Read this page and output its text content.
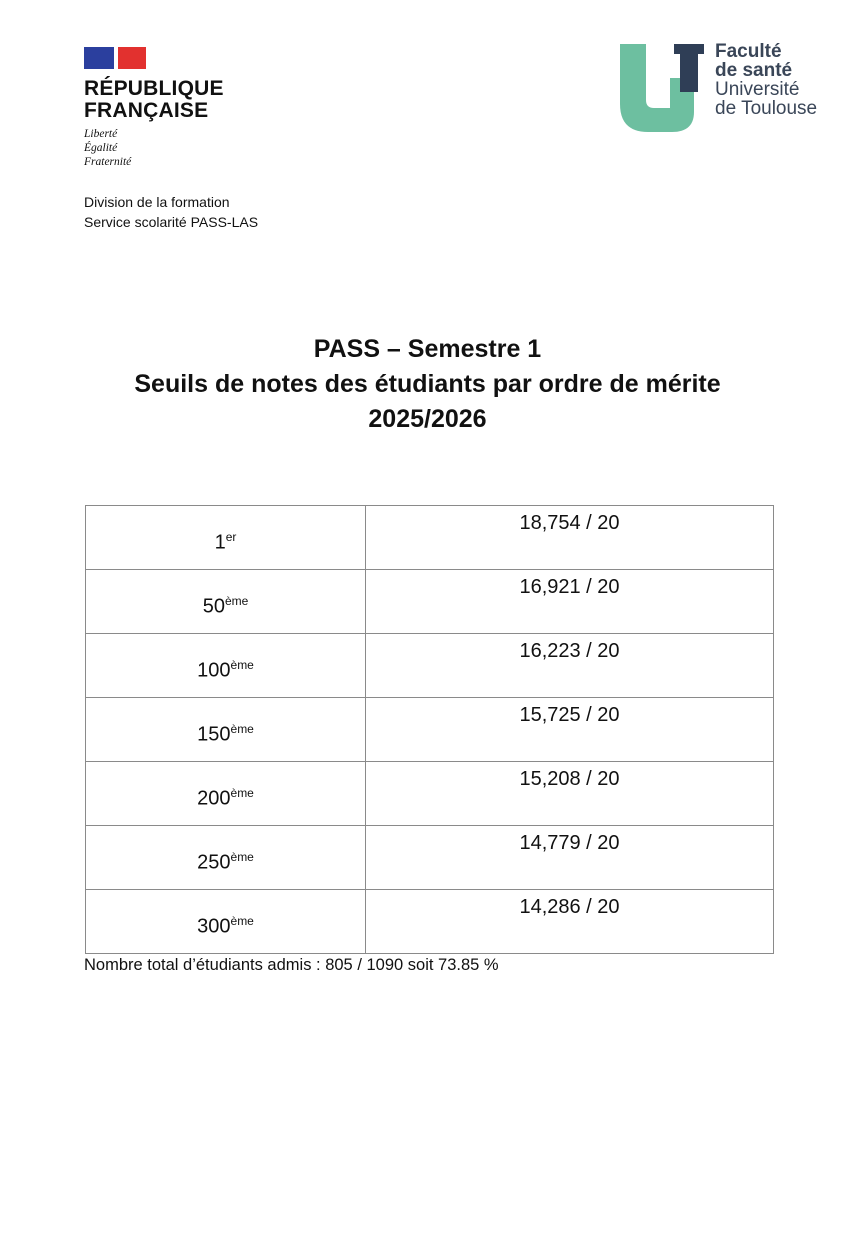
RÉPUBLIQUE
FRANÇAISE
Liberté
Égalité
Fraternité
Division de la formation
Service scolarité PASS-LAS
Faculté
de santé
Université
de Toulouse
PASS – Semestre 1
Seuils de notes des étudiants par ordre de mérite
2025/2026
1er	18,754 / 20
50ème	16,921 / 20
100ème	16,223 / 20
150ème	15,725 / 20
200ème	15,208 / 20
250ème	14,779 / 20
300ème	14,286 / 20
Nombre total d’étudiants admis : 805 / 1090 soit 73.85 %
